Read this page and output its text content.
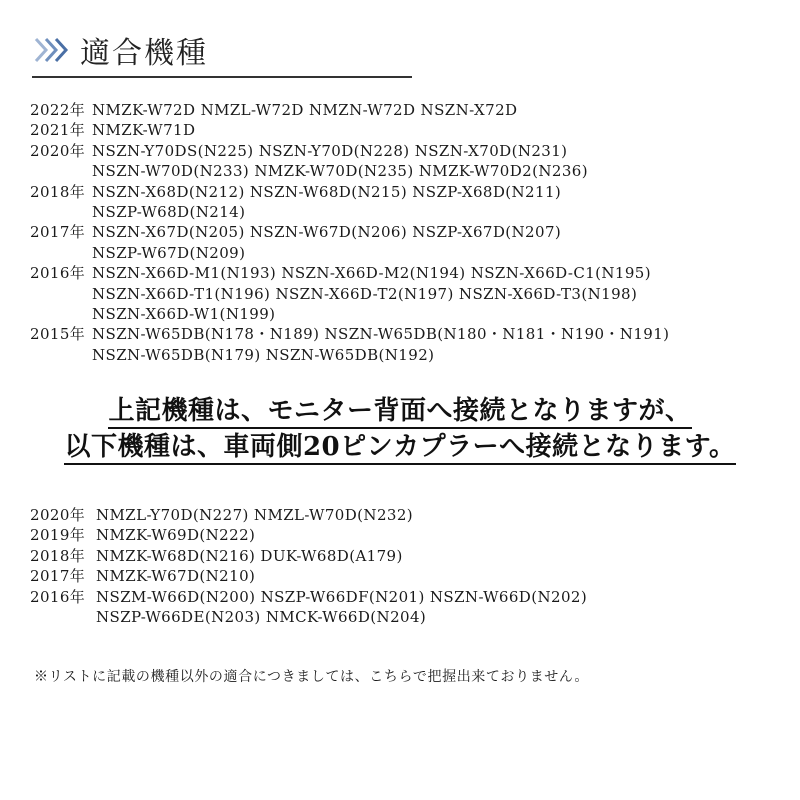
適合機種
2022年 NMZK-W72D NMZL-W72D NMZN-W72D NSZN-X72D
2021年 NMZK-W71D
2020年 NSZN-Y70DS(N225) NSZN-Y70D(N228) NSZN-X70D(N231)
NSZN-W70D(N233) NMZK-W70D(N235) NMZK-W70D2(N236)
2018年 NSZN-X68D(N212) NSZN-W68D(N215) NSZP-X68D(N211)
NSZP-W68D(N214)
2017年 NSZN-X67D(N205) NSZN-W67D(N206) NSZP-X67D(N207)
NSZP-W67D(N209)
2016年 NSZN-X66D-M1(N193) NSZN-X66D-M2(N194) NSZN-X66D-C1(N195)
NSZN-X66D-T1(N196) NSZN-X66D-T2(N197) NSZN-X66D-T3(N198)
NSZN-X66D-W1(N199)
2015年 NSZN-W65DB(N178・N189) NSZN-W65DB(N180・N181・N190・N191)
NSZN-W65DB(N179) NSZN-W65DB(N192)
上記機種は、モニター背面へ接続となりますが、
以下機種は、車両側20ピンカプラーへ接続となります。
2020年 NMZL-Y70D(N227) NMZL-W70D(N232)
2019年 NMZK-W69D(N222)
2018年 NMZK-W68D(N216) DUK-W68D(A179)
2017年 NMZK-W67D(N210)
2016年 NSZM-W66D(N200) NSZP-W66DF(N201) NSZN-W66D(N202)
NSZP-W66DE(N203) NMCK-W66D(N204)
※リストに記載の機種以外の適合につきましては、こちらで把握出来ておりません。
